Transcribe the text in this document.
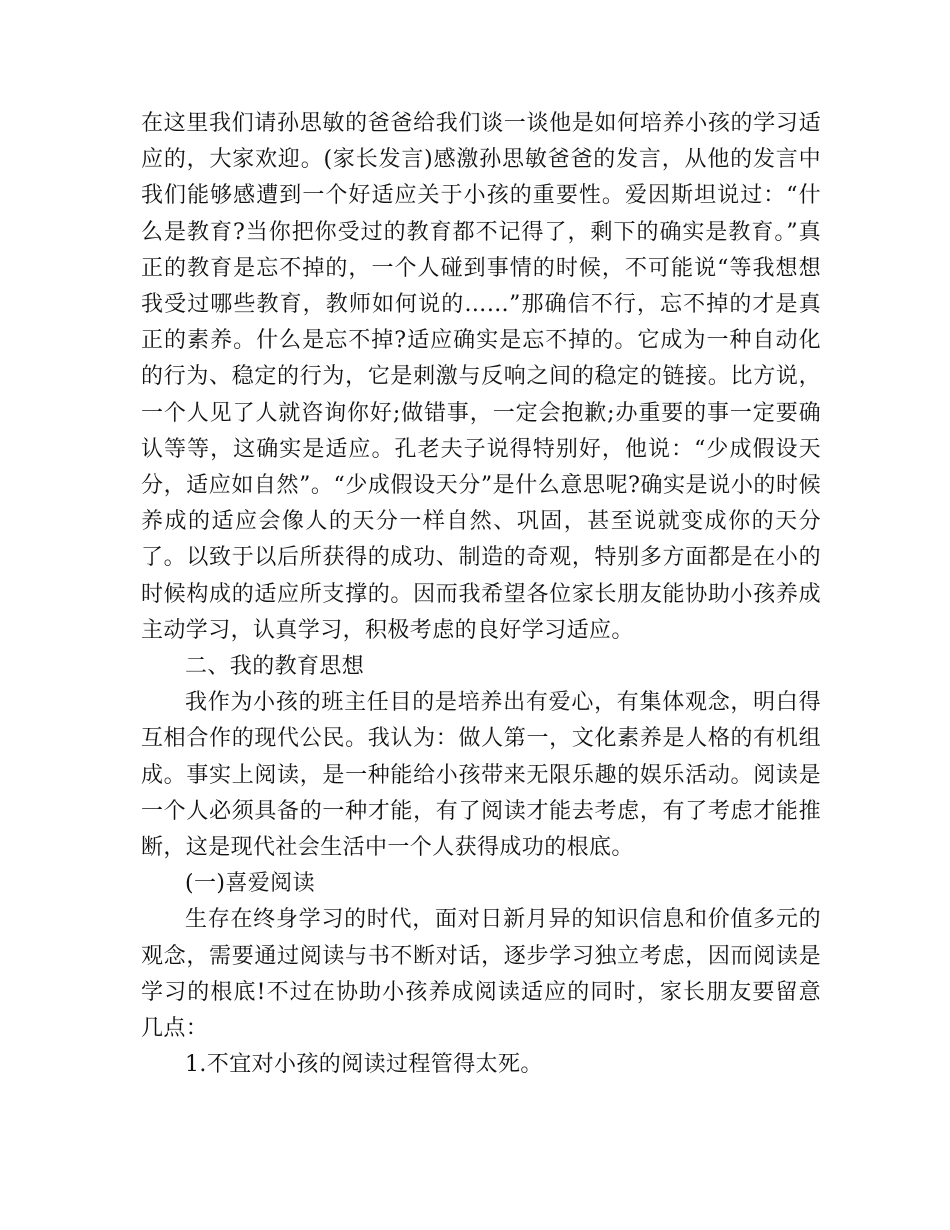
在这里我们请孙思敏的爸爸给我们谈一谈他是如何培养小孩的学习适应的，大家欢迎。(家长发言)感激孙思敏爸爸的发言，从他的发言中我们能够感遭到一个好适应关于小孩的重要性。爱因斯坦说过：“什么是教育?当你把你受过的教育都不记得了，剩下的确实是教育。”真正的教育是忘不掉的，一个人碰到事情的时候，不可能说“等我想想我受过哪些教育，教师如何说的……”那确信不行，忘不掉的才是真正的素养。什么是忘不掉?适应确实是忘不掉的。它成为一种自动化的行为、稳定的行为，它是刺激与反响之间的稳定的链接。比方说，一个人见了人就咨询你好;做错事，一定会抱歉;办重要的事一定要确认等等，这确实是适应。孔老夫子说得特别好，他说：“少成假设天分，适应如自然”。“少成假设天分”是什么意思呢?确实是说小的时候养成的适应会像人的天分一样自然、巩固，甚至说就变成你的天分了。以致于以后所获得的成功、制造的奇观，特别多方面都是在小的时候构成的适应所支撑的。因而我希望各位家长朋友能协助小孩养成主动学习，认真学习，积极考虑的良好学习适应。

二、我的教育思想

我作为小孩的班主任目的是培养出有爱心，有集体观念，明白得互相合作的现代公民。我认为：做人第一，文化素养是人格的有机组成。事实上阅读，是一种能给小孩带来无限乐趣的娱乐活动。阅读是一个人必须具备的一种才能，有了阅读才能去考虑，有了考虑才能推断，这是现代社会生活中一个人获得成功的根底。

(一)喜爱阅读

生存在终身学习的时代，面对日新月异的知识信息和价值多元的观念，需要通过阅读与书不断对话，逐步学习独立考虑，因而阅读是学习的根底!不过在协助小孩养成阅读适应的同时，家长朋友要留意几点：

1.不宜对小孩的阅读过程管得太死。
